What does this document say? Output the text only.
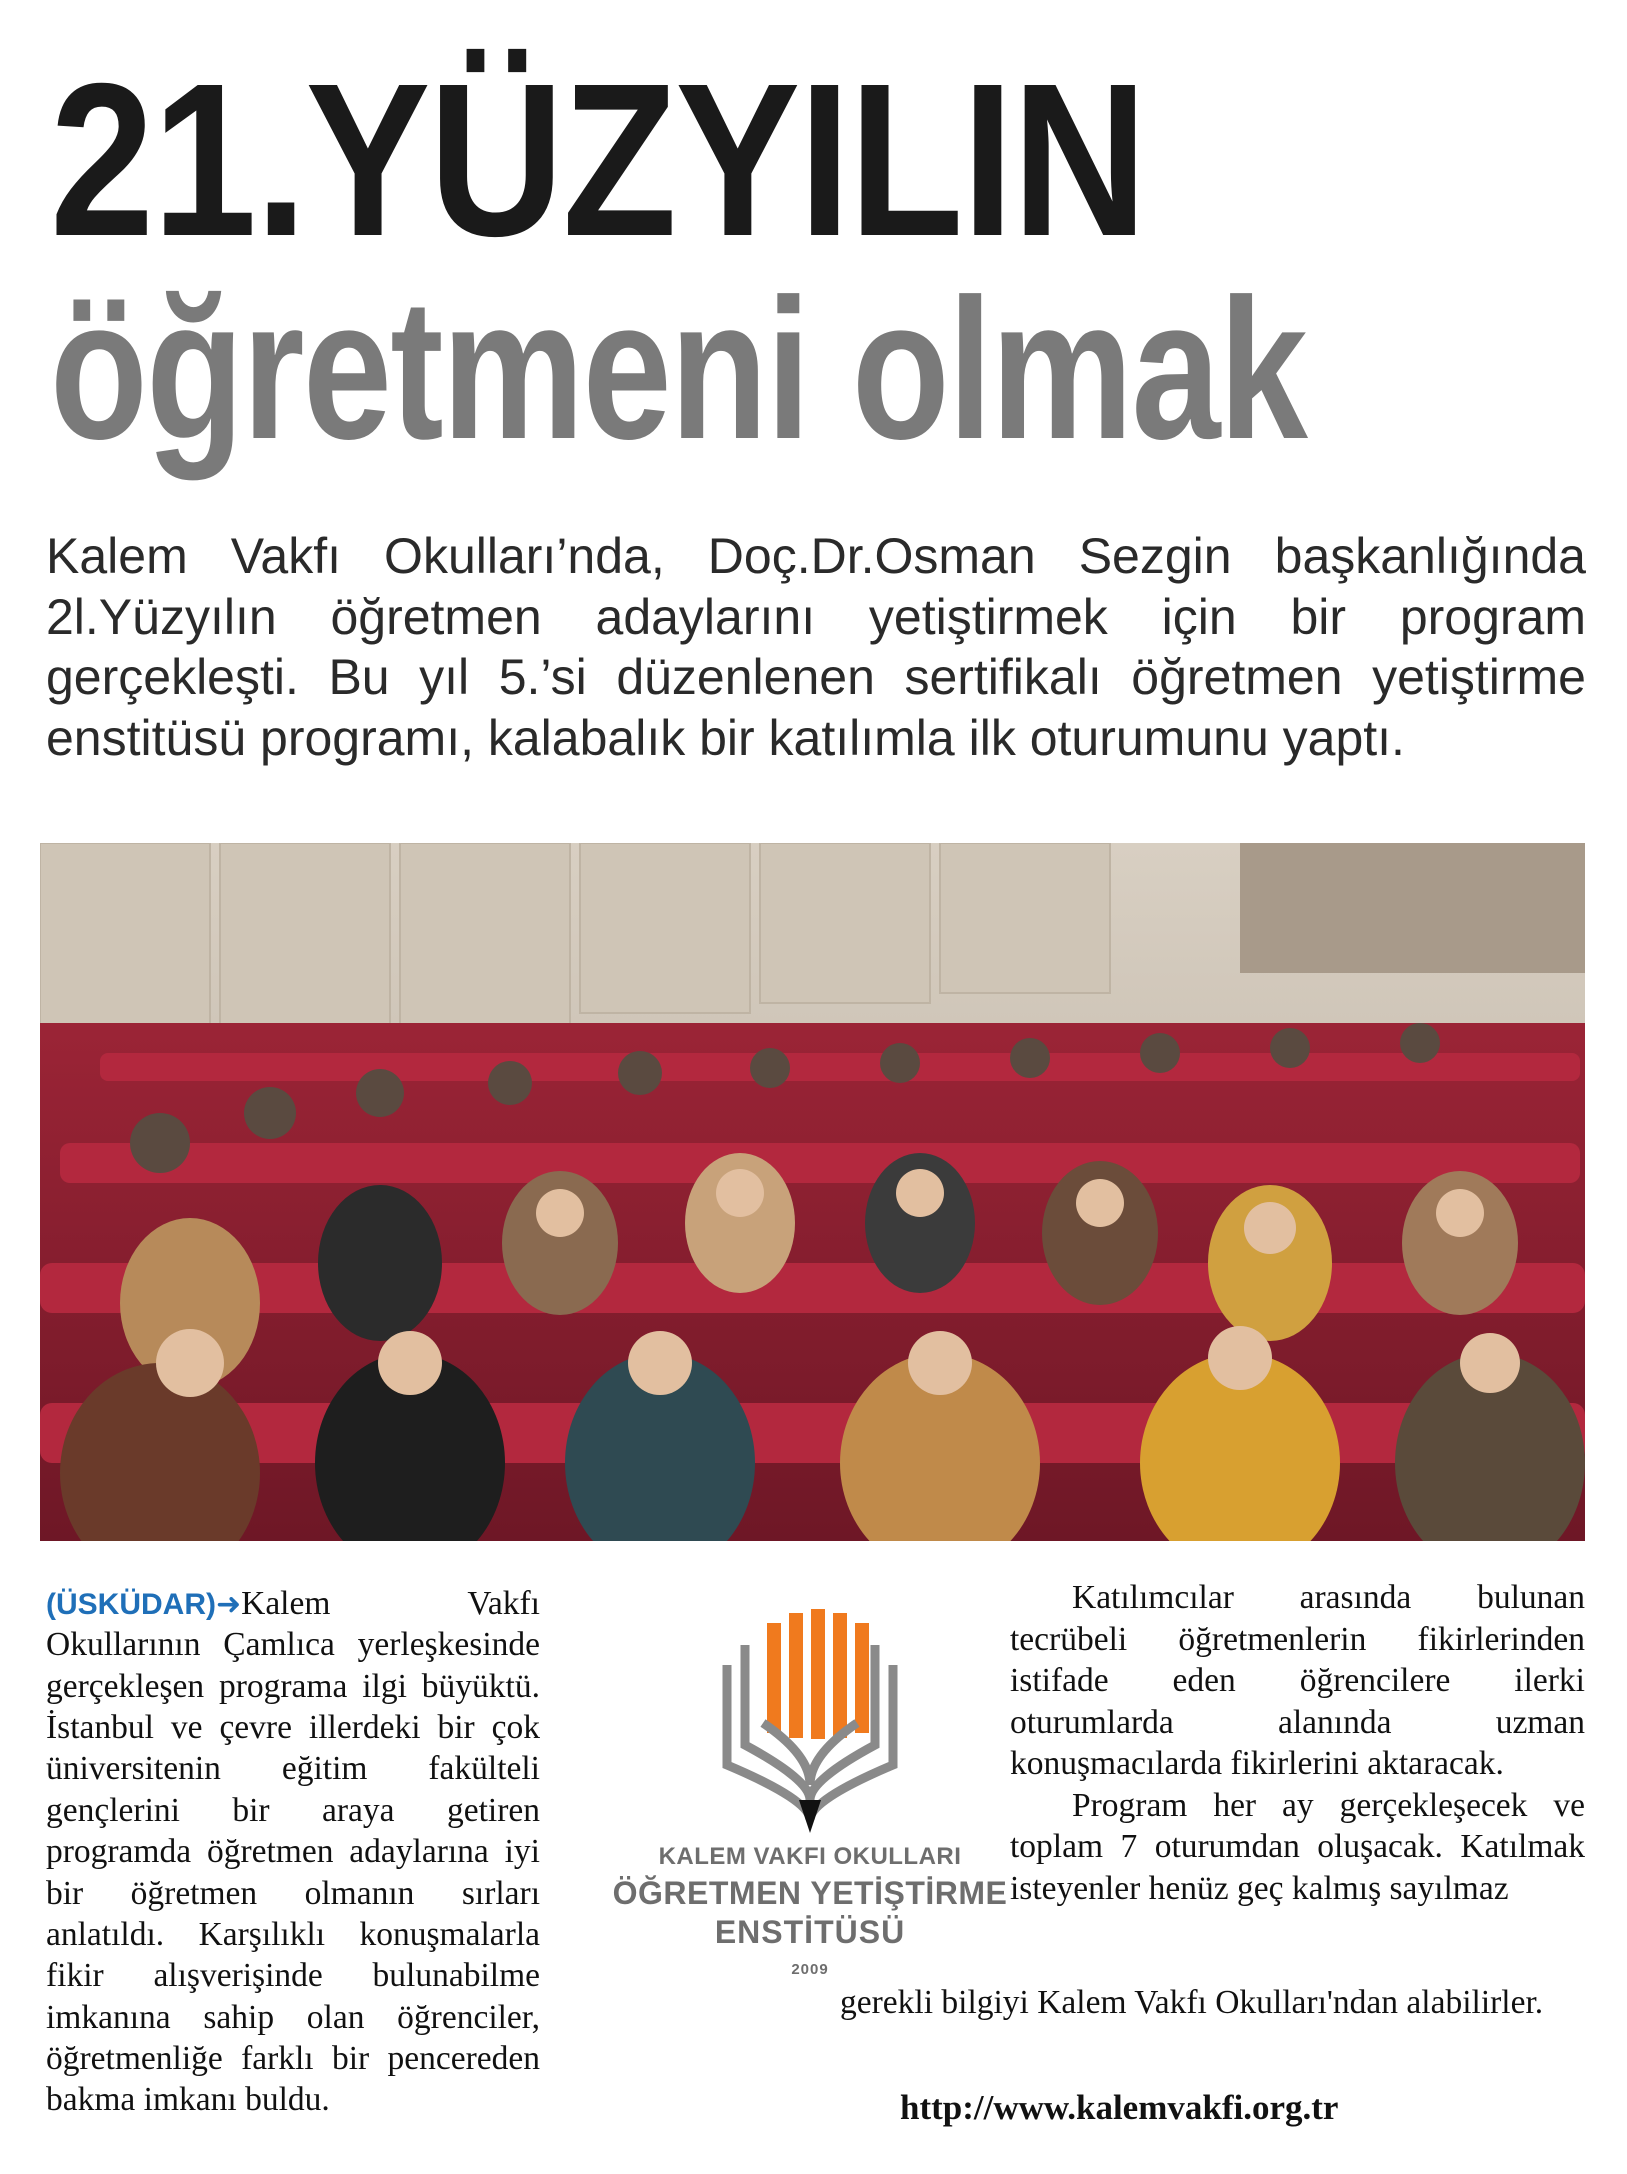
21.YÜZYILIN
öğretmeni olmak
Kalem Vakfı Okulları’nda, Doç.Dr.Osman Sezgin başkanlığında 2l.Yüzyılın öğretmen adaylarını yetiştirmek için bir program gerçekleşti. Bu yıl 5.’si düzenlenen sertifikalı öğretmen yetiştirme enstitüsü programı, kalabalık bir katılımla ilk oturumunu yaptı.

(ÜSKÜDAR)➜Kalem Vakfı Okullarının Çamlıca yerleşkesinde gerçekleşen programa ilgi büyüktü. İstanbul ve çevre illerdeki bir çok üniversitenin eğitim fakülteli gençlerini bir araya getiren programda öğretmen adaylarına iyi bir öğretmen olmanın sırları anlatıldı. Karşılıklı konuşmalarla fikir alışverişinde bulunabilme imkanına sahip olan öğrenciler, öğretmenliğe farklı bir pencereden bakma imkanı buldu.

KALEM VAKFI OKULLARI
ÖĞRETMEN YETİŞTİRME
ENSTİTÜSÜ
2009

Katılımcılar arasında bulunan tecrübeli öğretmenlerin fikirlerinden istifade eden öğrencilere ilerki oturumlarda alanında uzman konuşmacılarda fikirlerini aktaracak.

Program her ay gerçekleşecek ve toplam 7 oturumdan oluşacak. Katılmak isteyenler henüz geç kalmış sayılmaz

gerekli bilgiyi Kalem Vakfı Okulları'ndan alabilirler.

http://www.kalemvakfi.org.tr
